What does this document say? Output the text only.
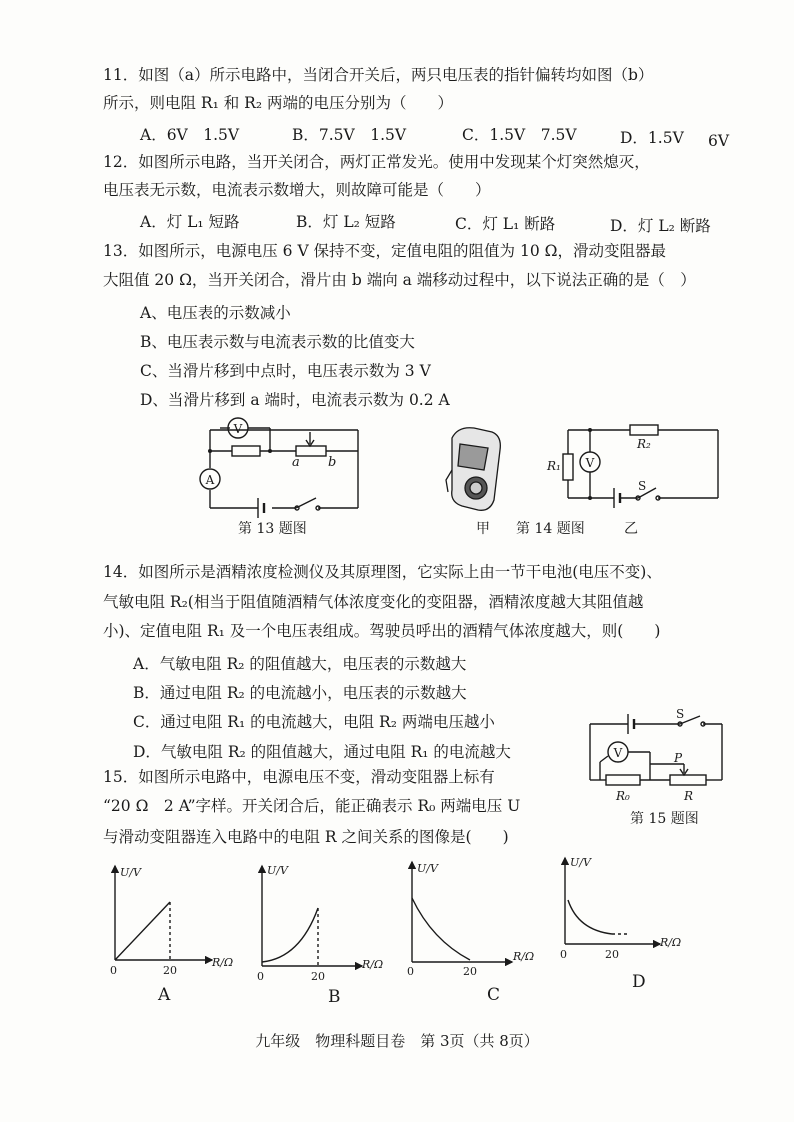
11．如图（a）所示电路中，当闭合开关后，两只电压表的指针偏转均如图（b）
所示，则电阻 R₁ 和 R₂ 两端的电压分别为（　　）
A．6V　1.5V	B．7.5V　1.5V	C．1.5V　7.5V	D．1.5V 6V
12．如图所示电路，当开关闭合，两灯正常发光。使用中发现某个灯突然熄灭，
电压表无示数，电流表示数增大，则故障可能是（　　）
A．灯 L₁ 短路	B．灯 L₂ 短路	C．灯 L₁ 断路	D．灯 L₂ 断路
13．如图所示，电源电压 6 V 保持不变，定值电阻的阻值为 10 Ω，滑动变阻器最
大阻值 20 Ω，当开关闭合，滑片由 b 端向 a 端移动过程中，以下说法正确的是（　）
A、电压表的示数减小
B、电压表示数与电流表示数的比值变大
C、当滑片移到中点时，电压表示数为 3 V
D、当滑片移到 a 端时，电流表示数为 0.2 A
V
A
a b
第 13 题图
R₁
R₂
V
S
甲 第 14 题图	乙
14．如图所示是酒精浓度检测仪及其原理图，它实际上由一节干电池(电压不变)、
气敏电阻 R₂(相当于阻值随酒精气体浓度变化的变阻器，酒精浓度越大其阻值越
小)、定值电阻 R₁ 及一个电压表组成。驾驶员呼出的酒精气体浓度越大，则(　　)
A．气敏电阻 R₂ 的阻值越大，电压表的示数越大
B．通过电阻 R₂ 的电流越小，电压表的示数越大
C．通过电阻 R₁ 的电流越大，电阻 R₂ 两端电压越小
D．气敏电阻 R₂ 的阻值越大，通过电阻 R₁ 的电流越大
15．如图所示电路中，电源电压不变，滑动变阻器上标有
“20 Ω　2 A”字样。开关闭合后，能正确表示 R₀ 两端电压 U
与滑动变阻器连入电路中的电阻 R 之间关系的图像是(　　)
V
S
P
R₀	R
第 15 题图
U/V
R/Ω
U/V
R/Ω
U/V
R/Ω
U/V
R/Ω
0	20	0	20	0	20
0	20
A	B	C
D
九年级　物理科题目卷　第 3页（共 8页）
